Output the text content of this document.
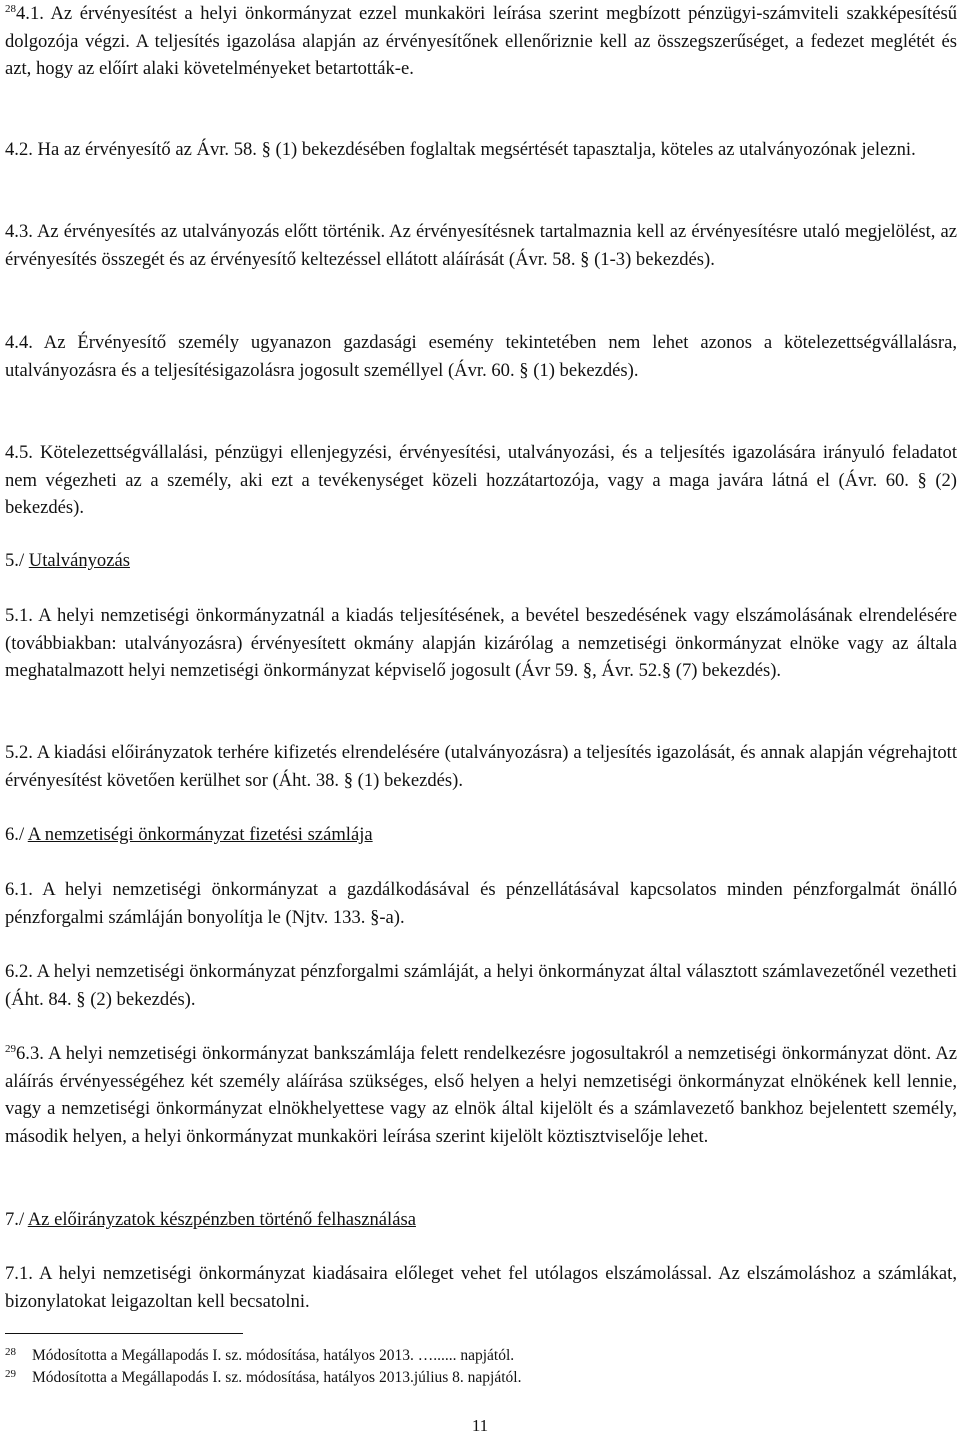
$^{28}$4.1. Az érvényesítést a helyi önkormányzat ezzel munkaköri leírása szerint megbízott pénzügyi-számviteli szakképesítésű dolgozója végzi. A teljesítés igazolása alapján az érvényesítőnek ellenőriznie kell az összegszerűséget, a fedezet meglétét és azt, hogy az előírt alaki követelményeket betartották-e.

4.2. Ha az érvényesítő az Ávr. 58. § (1) bekezdésében foglaltak megsértését tapasztalja, köteles az utalványozónak jelezni.

4.3. Az érvényesítés az utalványozás előtt történik. Az érvényesítésnek tartalmaznia kell az érvényesítésre utaló megjelölést, az érvényesítés összegét és az érvényesítő keltezéssel ellátott aláírását (Ávr. 58. § (1-3) bekezdés).

4.4. Az Érvényesítő személy ugyanazon gazdasági esemény tekintetében nem lehet azonos a kötelezettségvállalásra, utalványozásra és a teljesítésigazolásra jogosult személlyel (Ávr. 60. § (1) bekezdés).

4.5. Kötelezettségvállalási, pénzügyi ellenjegyzési, érvényesítési, utalványozási, és a teljesítés igazolására irányuló feladatot nem végezheti az a személy, aki ezt a tevékenységet közeli hozzátartozója, vagy a maga javára látná el (Ávr. 60. § (2) bekezdés).

5./ Utalványozás

5.1. A helyi nemzetiségi önkormányzatnál a kiadás teljesítésének, a bevétel beszedésének vagy elszámolásának elrendelésére (továbbiakban: utalványozásra) érvényesített okmány alapján kizárólag a nemzetiségi önkormányzat elnöke vagy az általa meghatalmazott helyi nemzetiségi önkormányzat képviselő jogosult (Ávr 59. §, Ávr. 52.§ (7) bekezdés).

5.2. A kiadási előirányzatok terhére kifizetés elrendelésére (utalványozásra) a teljesítés igazolását, és annak alapján végrehajtott érvényesítést követően kerülhet sor (Áht. 38. § (1) bekezdés).

6./ A nemzetiségi önkormányzat fizetési számlája

6.1. A helyi nemzetiségi önkormányzat a gazdálkodásával és pénzellátásával kapcsolatos minden pénzforgalmát önálló pénzforgalmi számláján bonyolítja le (Njtv. 133. §-a).

6.2. A helyi nemzetiségi önkormányzat pénzforgalmi számláját, a helyi önkormányzat által választott számlavezetőnél vezetheti (Áht. 84. § (2) bekezdés).

$^{29}$6.3. A helyi nemzetiségi önkormányzat bankszámlája felett rendelkezésre jogosultakról a nemzetiségi önkormányzat dönt. Az aláírás érvényességéhez két személy aláírása szükséges, első helyen a helyi nemzetiségi önkormányzat elnökének kell lennie, vagy a nemzetiségi önkormányzat elnökhelyettese vagy az elnök által kijelölt és a számlavezető bankhoz bejelentett személy, második helyen, a helyi önkormányzat munkaköri leírása szerint kijelölt köztisztviselője lehet.

7./ Az előirányzatok készpénzben történő felhasználása

7.1. A helyi nemzetiségi önkormányzat kiadásaira előleget vehet fel utólagos elszámolással. Az elszámoláshoz a számlákat, bizonylatokat leigazoltan kell becsatolni.

28	Módosította a Megállapodás I. sz. módosítása, hatályos 2013. …...... napjától.
29	Módosította a Megállapodás I. sz. módosítása, hatályos 2013.július 8. napjától.
11
